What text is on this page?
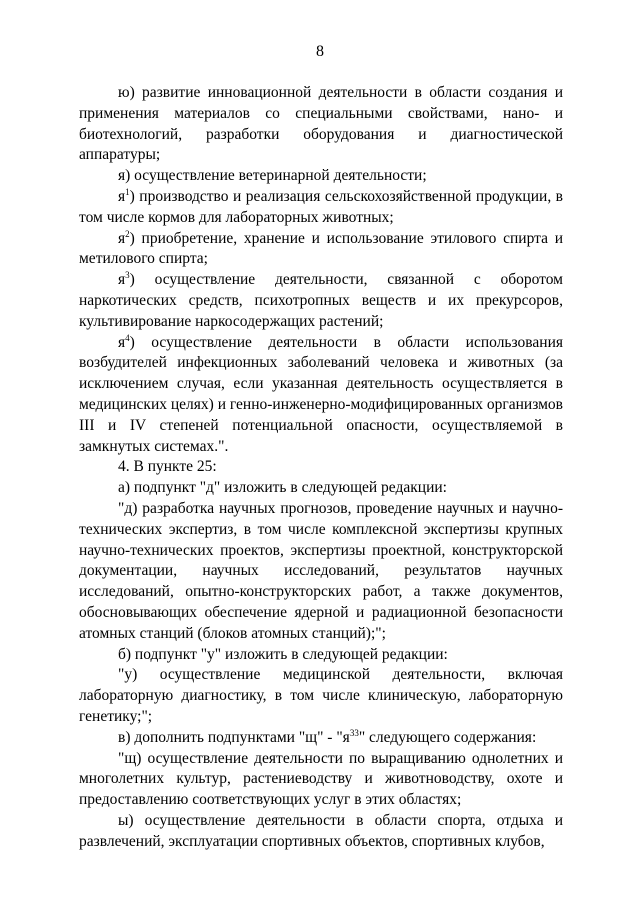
8

ю) развитие инновационной деятельности в области создания и применения материалов со специальными свойствами, нано- и биотехнологий, разработки оборудования и диагностической аппаратуры;

я) осуществление ветеринарной деятельности;

$я^1$) производство и реализация сельскохозяйственной продукции, в том числе кормов для лабораторных животных;

$я^2$) приобретение, хранение и использование этилового спирта и метилового спирта;

$я^3$) осуществление деятельности, связанной с оборотом наркотических средств, психотропных веществ и их прекурсоров, культивирование наркосодержащих растений;

$я^4$) осуществление деятельности в области использования возбудителей инфекционных заболеваний человека и животных (за исключением случая, если указанная деятельность осуществляется в медицинских целях) и генно-инженерно-модифицированных организмов III и IV степеней потенциальной опасности, осуществляемой в замкнутых системах.".

4. В пункте 25:

а) подпункт "д" изложить в следующей редакции:

"д) разработка научных прогнозов, проведение научных и научно-технических экспертиз, в том числе комплексной экспертизы крупных научно-технических проектов, экспертизы проектной, конструкторской документации, научных исследований, результатов научных исследований, опытно-конструкторских работ, а также документов, обосновывающих обеспечение ядерной и радиационной безопасности атомных станций (блоков атомных станций);";

б) подпункт "у" изложить в следующей редакции:

"у) осуществление медицинской деятельности, включая лабораторную диагностику, в том числе клиническую, лабораторную генетику;";

в) дополнить подпунктами "щ" - "$я^{33}$" следующего содержания:

"щ) осуществление деятельности по выращиванию однолетних и многолетних культур, растениеводству и животноводству, охоте и предоставлению соответствующих услуг в этих областях;

ы) осуществление деятельности в области спорта, отдыха и развлечений, эксплуатации спортивных объектов, спортивных клубов,
